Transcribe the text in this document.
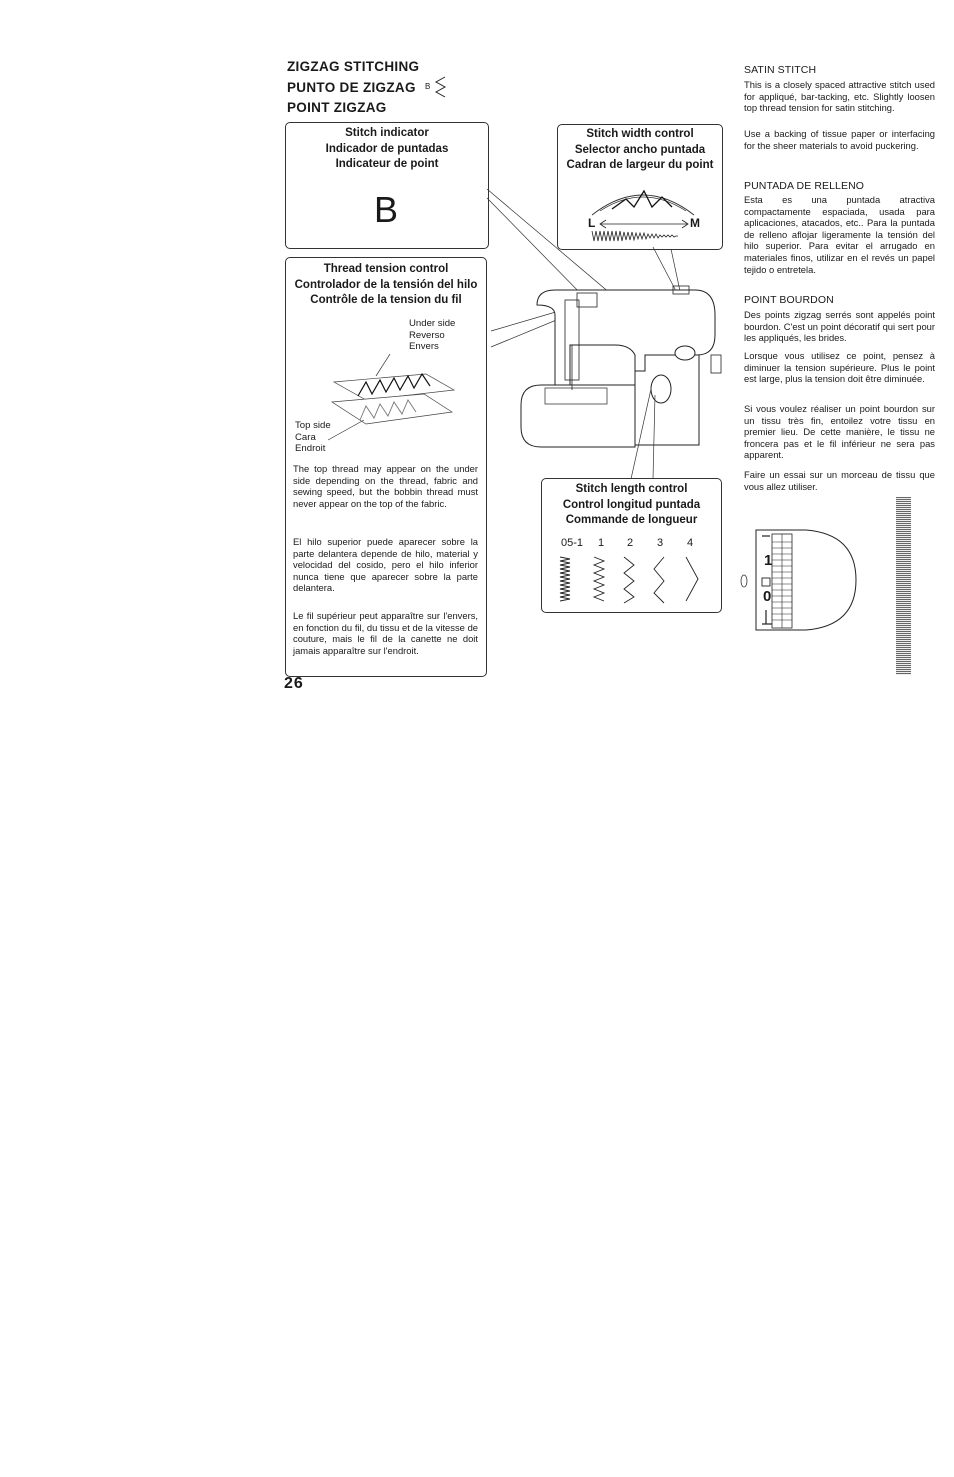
ZIGZAG STITCHING
PUNTO DE ZIGZAG B
POINT ZIGZAG
Stitch indicator
Indicador de puntadas
Indicateur de point
B
Thread tension control
Controlador de la tensión del hilo
Contrôle de la tension du fil
Under side
Reverso
Envers
Top side
Cara
Endroit
The top thread may appear on the under side depending on the thread, fabric and sewing speed, but the bobbin thread must never appear on the top of the fabric.
El hilo superior puede aparecer sobre la parte delantera depende de hilo, material y velocidad del cosido, pero el hilo inferior nunca tiene que aparecer sobre la parte delantera.
Le fil supérieur peut apparaître sur l'envers, en fonction du fil, du tissu et de la vitesse de couture, mais le fil de la canette ne doit jamais apparaître sur l'endroit.
Stitch width control
Selector ancho puntada
Cadran de largeur du point
L	M
Stitch length control
Control longitud puntada
Commande de longueur
05-1 1 2 3 4
SATIN STITCH
This is a closely spaced attractive stitch used for appliqué, bar-tacking, etc. Slightly loosen top thread tension for satin stitching.
Use a backing of tissue paper or interfacing for the sheer materials to avoid puckering.
PUNTADA DE RELLENO
Esta es una puntada atractiva compactamente espaciada, usada para aplicaciones, atacados, etc.. Para la puntada de relleno aflojar ligeramente la tensión del hilo superior. Para evitar el arrugado en materiales finos, utilizar en el revés un papel tejido o entretela.
POINT BOURDON
Des points zigzag serrés sont appelés point bourdon. C'est un point décoratif qui sert pour les appliqués, les brides.
Lorsque vous utilisez ce point, pensez à diminuer la tension supérieure. Plus le point est large, plus la tension doit être diminuée.
Si vous voulez réaliser un point bourdon sur un tissu très fin, entoilez votre tissu en premier lieu. De cette manière, le tissu ne froncera pas et le fil inférieur ne sera pas apparent.
Faire un essai sur un morceau de tissu que vous allez utiliser.
1
0
26
